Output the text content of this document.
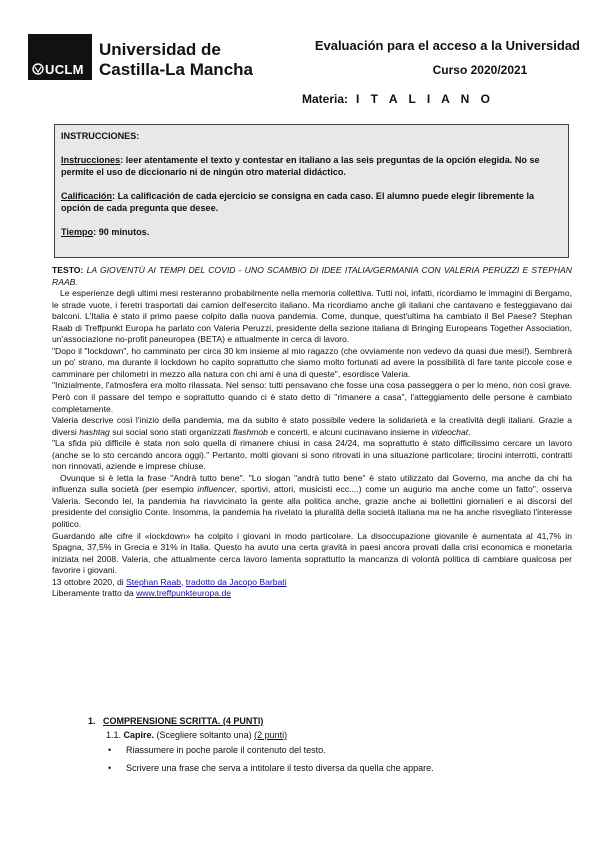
UCLM
Universidad de
Castilla-La Mancha
Evaluación para el acceso a la Universidad
Curso 2020/2021
Materia: I T A L I A N O

INSTRUCCIONES:

Instrucciones: leer atentamente el texto y contestar en italiano a las seis preguntas de la opción elegida. No se permite el uso de diccionario ni de ningún otro material didáctico.

Calificación: La calificación de cada ejercicio se consigna en cada caso. El alumno puede elegir libremente la opción de cada pregunta que desee.

Tiempo: 90 minutos.

TESTO: LA GIOVENTÙ AI TEMPI DEL COVID - UNO SCAMBIO DI IDEE ITALIA/GERMANIA CON VALERIA PERUZZI E STEPHAN RAAB.

Le esperienze degli ultimi mesi resteranno probabilmente nella memoria collettiva. Tutti noi, infatti, ricordiamo le immagini di Bergamo, le strade vuote, i feretri trasportati dai camion dell'esercito italiano. Ma ricordiamo anche gli italiani che cantavano e festeggiavano dai balconi. L'Italia è stato il primo paese colpito dalla nuova pandemia. Come, dunque, quest'ultima ha cambiato il Bel Paese? Stephan Raab di Treffpunkt Europa ha parlato con Valeria Peruzzi, presidente della sezione italiana di Bringing Europeans Together Association, un'associazione no-profit paneuropea (BETA) e attualmente in cerca di lavoro.

"Dopo il "lockdown", ho camminato per circa 30 km insieme al mio ragazzo (che ovviamente non vedevo da quasi due mesi!). Sembrerà un po' strano, ma durante il lockdown ho capito soprattutto che siamo molto fortunati ad avere la possibilità di fare tante piccole cose e camminare per chilometri in mezzo alla natura con chi ami è una di queste", esordisce Valeria.

"Inizialmente, l'atmosfera era molto rilassata. Nel senso: tutti pensavano che fosse una cosa passeggera o per lo meno, non così grave. Però con il passare del tempo e soprattutto quando ci è stato detto di "rimanere a casa", l'atteggiamento delle persone è cambiato completamente.

Valeria descrive così l'inizio della pandemia, ma da subito è stato possibile vedere la solidarietà e la creatività degli italiani. Grazie a diversi hashtag sui social sono stati organizzati flashmob e concerti, e alcuni cucinavano insieme in videochat.

"La sfida più difficile è stata non solo quella di rimanere chiusi in casa 24/24, ma soprattutto è stato difficilissimo cercare un lavoro (anche se lo sto cercando ancora oggi)." Pertanto, molti giovani si sono ritrovati in una situazione particolare; tirocini interrotti, contratti non rinnovati, aziende e imprese chiuse.

Ovunque si è letta la frase "Andrà tutto bene". "Lo slogan "andrà tutto bene" è stato utilizzato dal Governo, ma anche da chi ha influenza sulla società (per esempio influencer, sportivi, attori, musicisti ecc....) come un augurio ma anche come un fatto", osserva Valeria. Secondo lei, la pandemia ha riavvicinato la gente alla politica anche, grazie anche ai bollettini giornalieri e ai discorsi del presidente del consiglio Conte. Insomma, la pandemia ha rivelato la pluralità della società italiana ma ne ha anche risvegliato l'interesse politico.

Guardando alle cifre il «lockdown» ha colpito i giovani in modo particolare. La disoccupazione giovanile è aumentata al 41,7% in Spagna, 37,5% in Grecia e 31% in Italia. Questo ha avuto una certa gravità in paesi ancora provati dalla crisi economica e monetaria iniziata nel 2008. Valeria, che attualmente cerca lavoro lamenta soprattutto la mancanza di volontà politica di cambiare qualcosa per favorire i giovani.

13 ottobre 2020, di Stephan Raab, tradotto da Jacopo Barbati

Liberamente tratto da www.treffpunkteuropa.de

1. COMPRENSIONE SCRITTA. (4 PUNTI)
1.1. Capire. (Scegliere soltanto una) (2 punti)
• Riassumere in poche parole il contenuto del testo.
• Scrivere una frase che serva a intitolare il testo diversa da quella che appare.
